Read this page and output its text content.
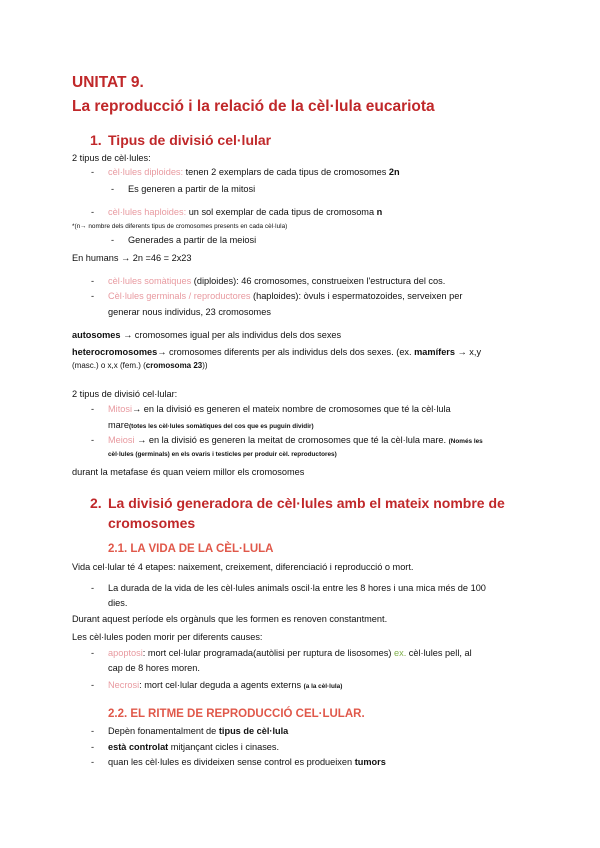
UNITAT 9.
La reproducció i la relació de la cèl·lula eucariota
1. Tipus de divisió cel·lular
2 tipus de cèl·lules:
- cèl·lules diploides: tenen 2 exemplars de cada tipus de cromosomes 2n
- Es generen a partir de la mitosi
- cèl·lules haploides: un sol exemplar de cada tipus de cromosoma n
*(n→ nombre dels diferents tipus de cromosomes presents en cada cèl·lula)
- Generades a partir de la meiosi
En humans → 2n =46 = 2x23
- cèl·lules somàtiques (diploides): 46 cromosomes, construeixen l'estructura del cos.
- Cèl·lules germinals / reproductores (haploides): òvuls i espermatozoides, serveixen per
generar nous individus, 23 cromosomes
autosomes → cromosomes igual per als individus dels dos sexes
heterocromosomes→ cromosomes diferents per als individus dels dos sexes. (ex. mamífers → x,y
(masc.) o x,x (fem.) (cromosoma 23))
2 tipus de divisió cel·lular:
- Mitosi→ en la divisió es generen el mateix nombre de cromosomes que té la cèl·lula
mare(totes les cèl·lules somàtiques del cos que es puguin dividir)
- Meiosi → en la divisió es generen la meitat de cromosomes que té la cèl·lula mare. (Només les
cèl·lules (germinals) en els ovaris i testicles per produir cèl. reproductores)
durant la metafase és quan veiem millor els cromosomes
2. La divisió generadora de cèl·lules amb el mateix nombre de
cromosomes
2.1. LA VIDA DE LA CÈL·LULA
Vida cel·lular té 4 etapes: naixement, creixement, diferenciació i reproducció o mort.
- La durada de la vida de les cèl·lules animals oscil·la entre les 8 hores i una mica més de 100
dies.
Durant aquest període els orgànuls que les formen es renoven constantment.
Les cèl·lules poden morir per diferents causes:
- apoptosi: mort cel·lular programada(autòlisi per ruptura de lisosomes) ex. cèl·lules pell, al
cap de 8 hores moren.
- Necrosi: mort cel·lular deguda a agents externs (a la cèl·lula)
2.2. EL RITME DE REPRODUCCIÓ CEL·LULAR.
- Depèn fonamentalment de tipus de cèl·lula
- està controlat mitjançant cicles i cinases.
- quan les cèl·lules es divideixen sense control es produeixen tumors
